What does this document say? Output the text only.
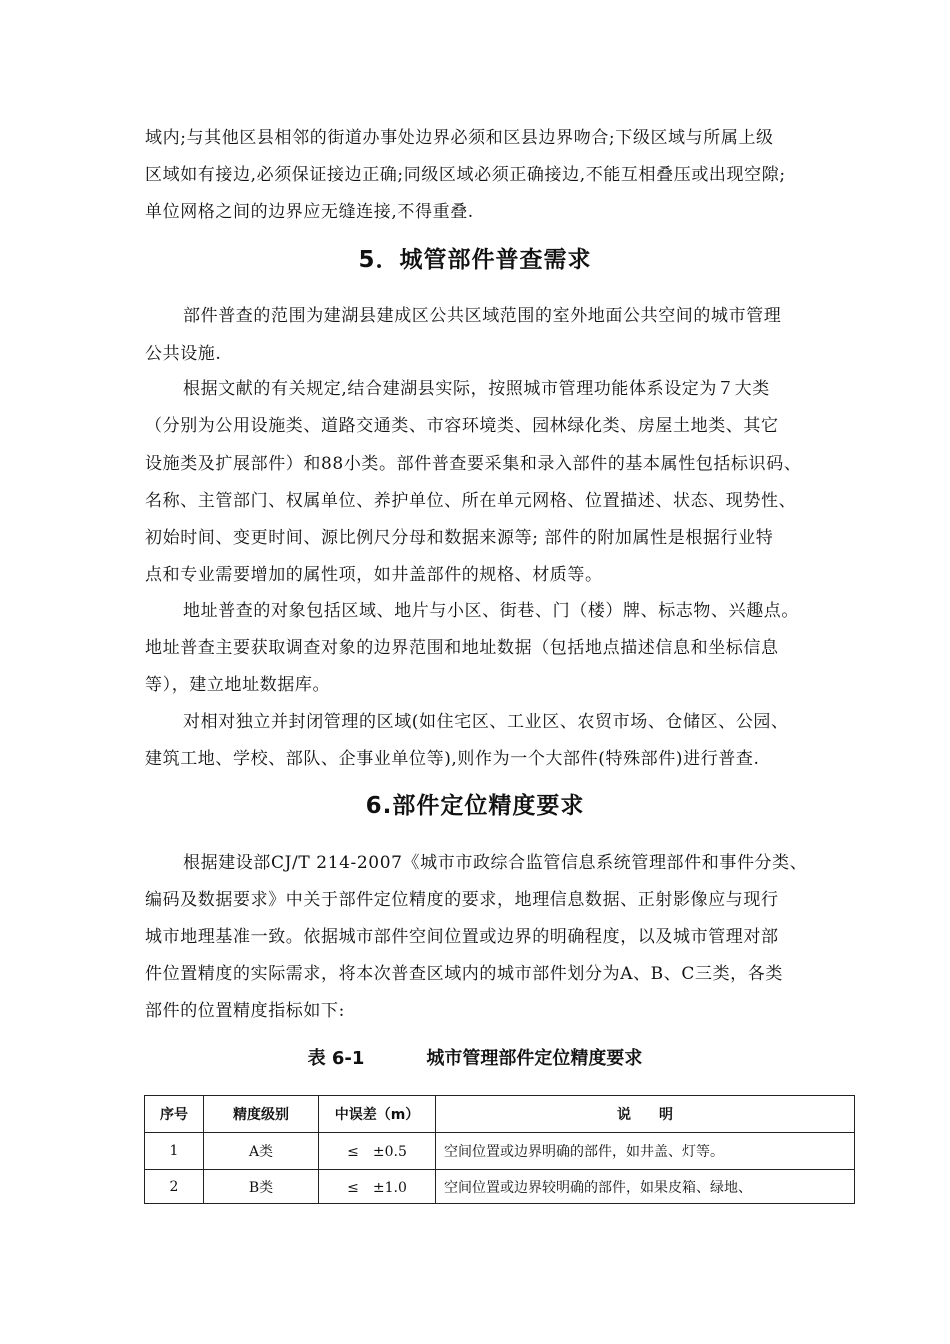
域内;与其他区县相邻的街道办事处边界必须和区县边界吻合;下级区域与所属上级
区域如有接边,必须保证接边正确;同级区域必须正确接边,不能互相叠压或出现空隙;
单位网格之间的边界应无缝连接,不得重叠.
5．城管部件普查需求
部件普查的范围为建湖县建成区公共区域范围的室外地面公共空间的城市管理
公共设施.
根据文献的有关规定,结合建湖县实际，按照城市管理功能体系设定为７大类
（分别为公用设施类、道路交通类、市容环境类、园林绿化类、房屋土地类、其它
设施类及扩展部件）和88小类。部件普查要采集和录入部件的基本属性包括标识码、
名称、主管部门、权属单位、养护单位、所在单元网格、位置描述、状态、现势性、
初始时间、变更时间、源比例尺分母和数据来源等; 部件的附加属性是根据行业特
点和专业需要增加的属性项，如井盖部件的规格、材质等。
地址普查的对象包括区域、地片与小区、街巷、门（楼）牌、标志物、兴趣点。
地址普查主要获取调查对象的边界范围和地址数据（包括地点描述信息和坐标信息
等），建立地址数据库。
对相对独立并封闭管理的区域(如住宅区、工业区、农贸市场、仓储区、公园、
建筑工地、学校、部队、企事业单位等),则作为一个大部件(特殊部件)进行普查.
6.部件定位精度要求
根据建设部CJ/T 214-2007《城市市政综合监管信息系统管理部件和事件分类、
编码及数据要求》中关于部件定位精度的要求，地理信息数据、正射影像应与现行
城市地理基准一致。依据城市部件空间位置或边界的明确程度，以及城市管理对部
件位置精度的实际需求，将本次普查区域内的城市部件划分为A、B、C三类，各类
部件的位置精度指标如下:
表 6-1	城市管理部件定位精度要求
序号	精度级别	中误差（m）	说　　明
1	A类	≤　±0.5	空间位置或边界明确的部件，如井盖、灯等。
2	B类	≤　±1.0	空间位置或边界较明确的部件，如果皮箱、绿地、
